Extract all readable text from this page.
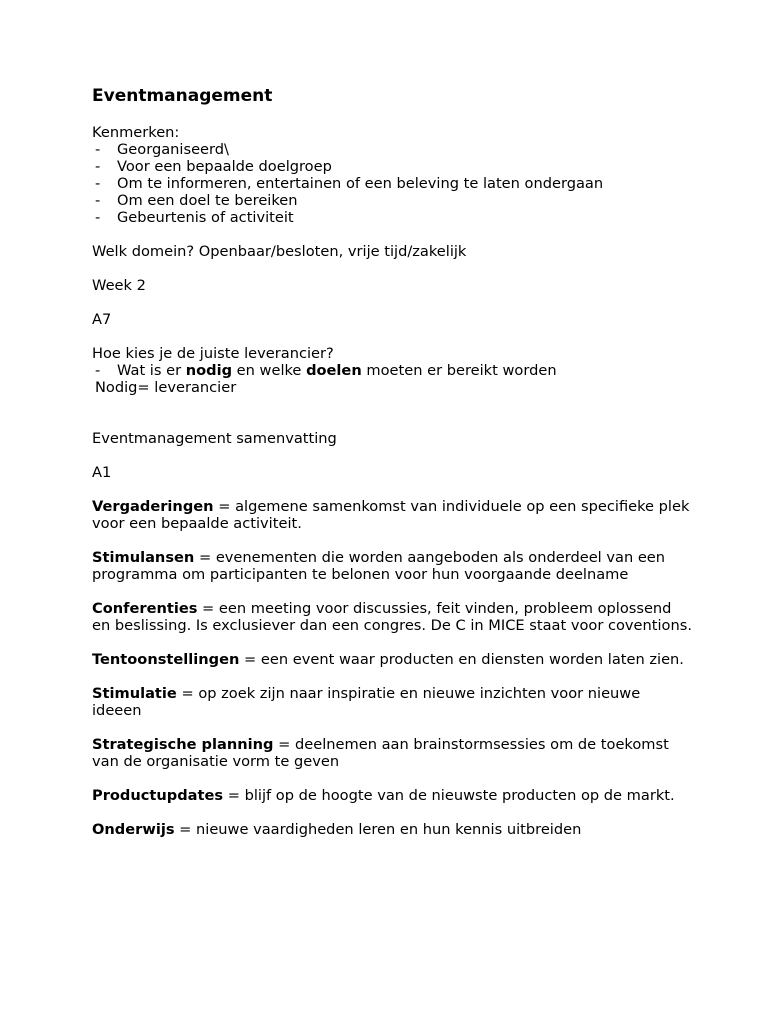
Eventmanagement
Kenmerken:
- Georganiseerd\
- Voor een bepaalde doelgroep
- Om te informeren, entertainen of een beleving te laten ondergaan
- Om een doel te bereiken
- Gebeurtenis of activiteit
Welk domein? Openbaar/besloten, vrije tijd/zakelijk
Week 2
A7
Hoe kies je de juiste leverancier?
- Wat is er nodig en welke doelen moeten er bereikt worden
Nodig= leverancier
Eventmanagement samenvatting
A1
Vergaderingen = algemene samenkomst van individuele op een specifieke plek voor een bepaalde activiteit.
Stimulansen = evenementen die worden aangeboden als onderdeel van een programma om participanten te belonen voor hun voorgaande deelname
Conferenties = een meeting voor discussies, feit vinden, probleem oplossend en beslissing. Is exclusiever dan een congres. De C in MICE staat voor coventions.
Tentoonstellingen = een event waar producten en diensten worden laten zien.
Stimulatie = op zoek zijn naar inspiratie en nieuwe inzichten voor nieuwe ideeen
Strategische planning = deelnemen aan brainstormsessies om de toekomst van de organisatie vorm te geven
Productupdates = blijf op de hoogte van de nieuwste producten op de markt.
Onderwijs = nieuwe vaardigheden leren en hun kennis uitbreiden
